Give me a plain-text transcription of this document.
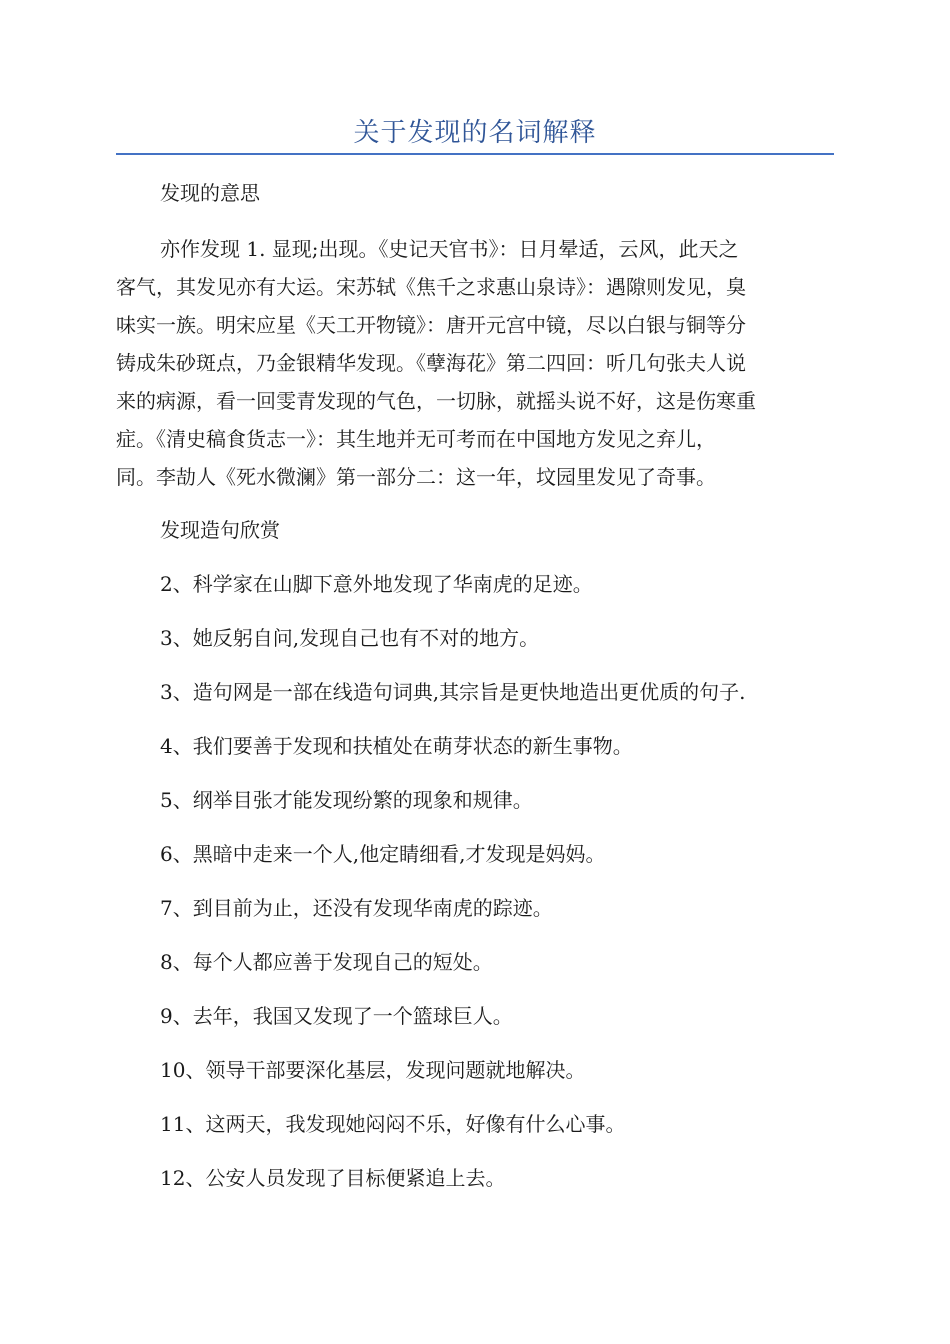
关于发现的名词解释
发现的意思
亦作发现 1. 显现;出现。《史记天官书》：日月晕适，云风，此天之
客气，其发见亦有大运。宋苏轼《焦千之求惠山泉诗》：遇隙则发见，臭
味实一族。明宋应星《天工开物镜》：唐开元宫中镜，尽以白银与铜等分
铸成朱砂斑点，乃金银精华发现。《孽海花》第二四回：听几句张夫人说
来的病源，看一回雯青发现的气色，一切脉，就摇头说不好，这是伤寒重
症。《清史稿食货志一》：其生地并无可考而在中国地方发见之弃儿，
同。李劼人《死水微澜》第一部分二：这一年，坟园里发见了奇事。
发现造句欣赏
2、科学家在山脚下意外地发现了华南虎的足迹。
3、她反躬自问,发现自己也有不对的地方。
3、造句网是一部在线造句词典,其宗旨是更快地造出更优质的句子.
4、我们要善于发现和扶植处在萌芽状态的新生事物。
5、纲举目张才能发现纷繁的现象和规律。
6、黑暗中走来一个人,他定睛细看,才发现是妈妈。
7、到目前为止，还没有发现华南虎的踪迹。
8、每个人都应善于发现自己的短处。
9、去年，我国又发现了一个篮球巨人。
10、领导干部要深化基层，发现问题就地解决。
11、这两天，我发现她闷闷不乐，好像有什么心事。
12、公安人员发现了目标便紧追上去。
